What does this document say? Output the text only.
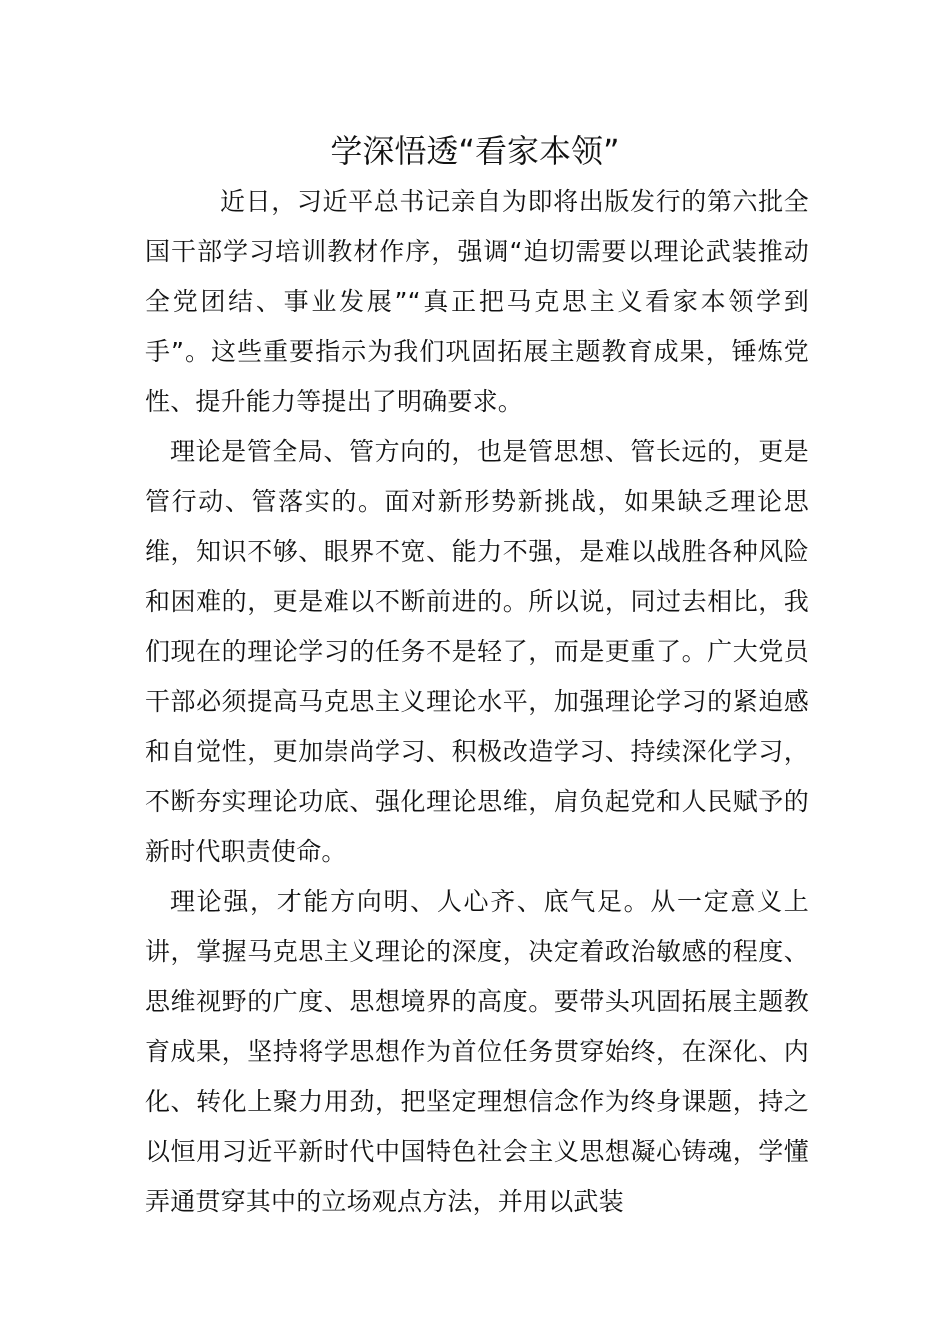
学深悟透“看家本领”

近日，习近平总书记亲自为即将出版发行的第六批全国干部学习培训教材作序，强调“迫切需要以理论武装推动全党团结、事业发展”“真正把马克思主义看家本领学到手”。这些重要指示为我们巩固拓展主题教育成果，锤炼党性、提升能力等提出了明确要求。

理论是管全局、管方向的，也是管思想、管长远的，更是管行动、管落实的。面对新形势新挑战，如果缺乏理论思维，知识不够、眼界不宽、能力不强，是难以战胜各种风险和困难的，更是难以不断前进的。所以说，同过去相比，我们现在的理论学习的任务不是轻了，而是更重了。广大党员干部必须提高马克思主义理论水平，加强理论学习的紧迫感和自觉性，更加崇尚学习、积极改造学习、持续深化学习，不断夯实理论功底、强化理论思维，肩负起党和人民赋予的新时代职责使命。

理论强，才能方向明、人心齐、底气足。从一定意义上讲，掌握马克思主义理论的深度，决定着政治敏感的程度、思维视野的广度、思想境界的高度。要带头巩固拓展主题教育成果，坚持将学思想作为首位任务贯穿始终，在深化、内化、转化上聚力用劲，把坚定理想信念作为终身课题，持之以恒用习近平新时代中国特色社会主义思想凝心铸魂，学懂弄通贯穿其中的立场观点方法，并用以武装
